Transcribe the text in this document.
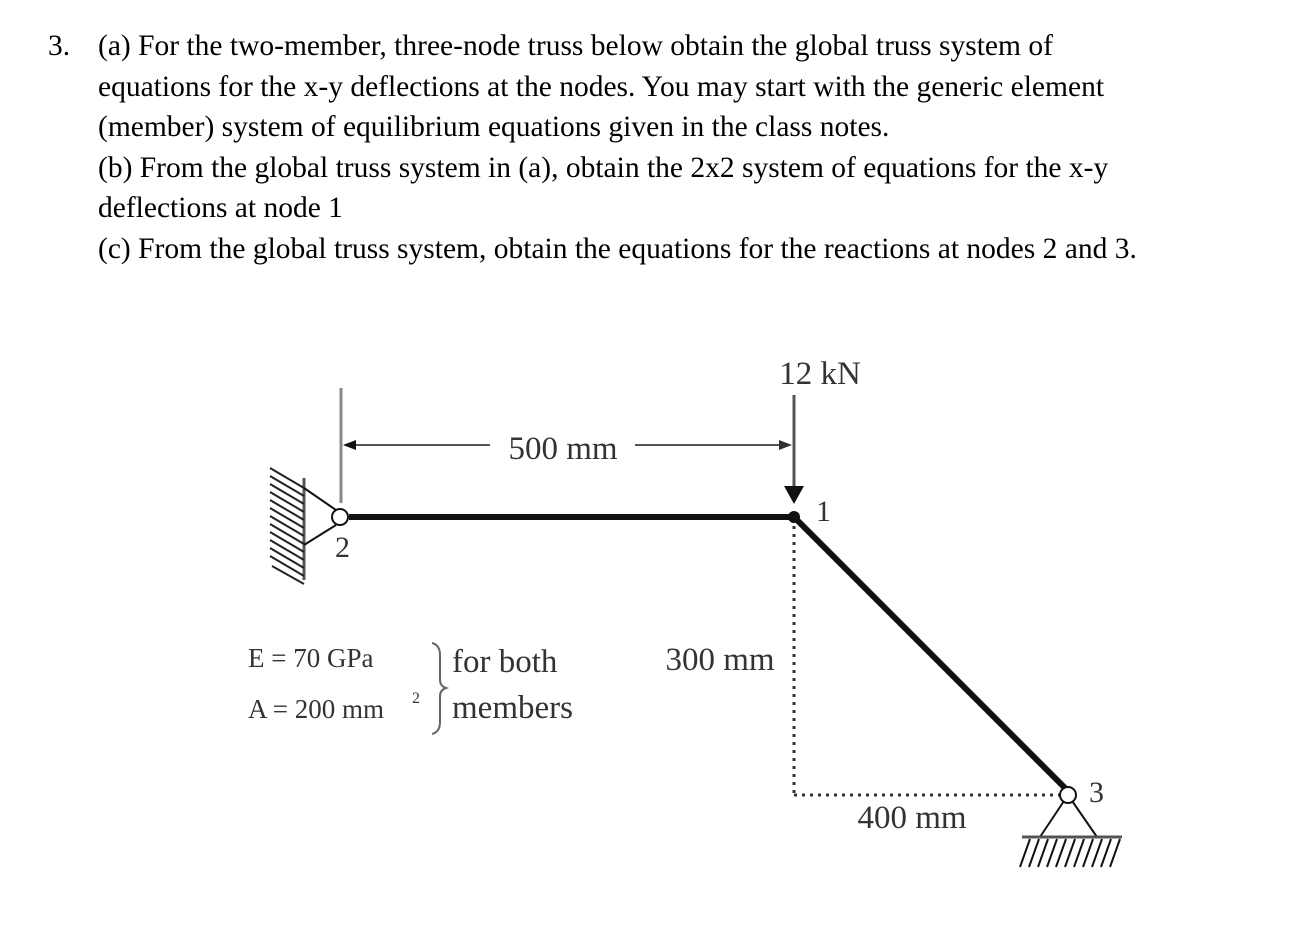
3. (a) For the two-member, three-node truss below obtain the global truss system of
equations for the x-y deflections at the nodes. You may start with the generic element
(member) system of equilibrium equations given in the class notes.
(b) From the global truss system in (a), obtain the 2x2 system of equations for the x-y
deflections at node 1
(c) From the global truss system, obtain the equations for the reactions at nodes 2 and 3.
500 mm
12 kN
2
1
300 mm
400 mm
3
E = 70 GPa
A = 200 mm 2
for both
members
